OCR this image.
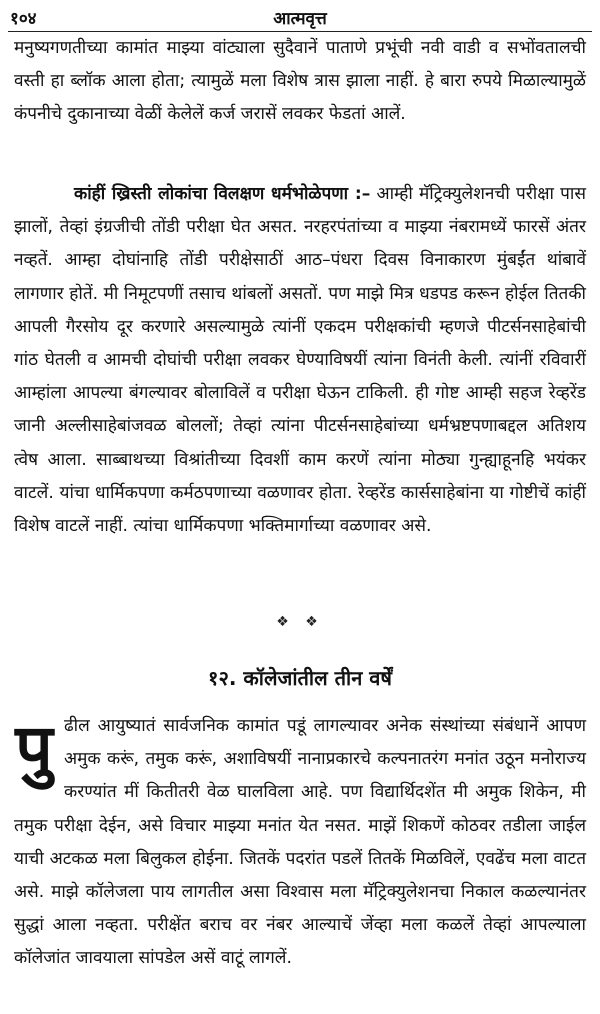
१०४	आत्मवृत्त

मनुष्यगणतीच्या कामांत माझ्या वांट्याला सुदैवानें पाताणे प्रभूंची नवी वाडी व सभोंवतालची वस्ती हा ब्लॉक आला होता; त्यामुळें मला विशेष त्रास झाला नाहीं. हे बारा रुपये मिळाल्यामुळें कंपनीचे दुकानाच्या वेळीं केलेलें कर्ज जरासें लवकर फेडतां आलें.

कांहीं ख्रिस्ती लोकांचा विलक्षण धर्मभोळेपणा :– आम्ही मॅट्रिक्युलेशनची परीक्षा पास झालों, तेव्हां इंग्रजीची तोंडी परीक्षा घेत असत. नरहरपंतांच्या व माझ्या नंबरामध्यें फारसें अंतर नव्हतें. आम्हा दोघांनाहि तोंडी परीक्षेसाठीं आठ–पंधरा दिवस विनाकारण मुंबईंत थांबावें लागणार होतें. मी निमूटपणीं तसाच थांबलों असतों. पण माझे मित्र धडपड करून होईल तितकी आपली गैरसोय दूर करणारे असल्यामुळे त्यांनीं एकदम परीक्षकांची म्हणजे पीटर्सनसाहेबांची गांठ घेतली व आमची दोघांची परीक्षा लवकर घेण्याविषयीं त्यांना विनंती केली. त्यांनीं रविवारीं आम्हांला आपल्या बंगल्यावर बोलाविलें व परीक्षा घेऊन टाकिली. ही गोष्ट आम्ही सहज रेव्हरेंड जानी अल्लीसाहेबांजवळ बोललों; तेव्हां त्यांना पीटर्सनसाहेबांच्या धर्मभ्रष्टपणाबद्दल अतिशय त्वेष आला. साब्बाथच्या विश्रांतीच्या दिवशीं काम करणें त्यांना मोठ्या गुन्ह्याहूनहि भयंकर वाटलें. यांचा धार्मिकपणा कर्मठपणाच्या वळणावर होता. रेव्हरेंड कार्ससाहेबांना या गोष्टीचें कांहीं विशेष वाटलें नाहीं. त्यांचा धार्मिकपणा भक्तिमार्गाच्या वळणावर असे.

❖ ❖
१२. कॉलेजांतील तीन वर्षें

पुढील आयुष्यातं सार्वजनिक कामांत पडूं लागल्यावर अनेक संस्थांच्या संबंधानें आपण अमुक करूं, तमुक करूं, अशाविषयीं नानाप्रकारचे कल्पनातरंग मनांत उठून मनोराज्य करण्यांत मीं कितीतरी वेळ घालविला आहे. पण विद्यार्थिदशेंत मी अमुक शिकेन, मी तमुक परीक्षा देईन, असे विचार माझ्या मनांत येत नसत. माझें शिकणें कोठवर तडीला जाईल याची अटकळ मला बिलुकल होईना. जितकें पदरांत पडलें तितकें मिळविलें, एवढेंच मला वाटत असे. माझे कॉलेजला पाय लागतील असा विश्वास मला मॅट्रिक्युलेशनचा निकाल कळल्यानंतर सुद्धां आला नव्हता. परीक्षेंत बराच वर नंबर आल्याचें जेंव्हा मला कळलें तेव्हां आपल्याला कॉलेजांत जावयाला सांपडेल असें वाटूं लागलें.
